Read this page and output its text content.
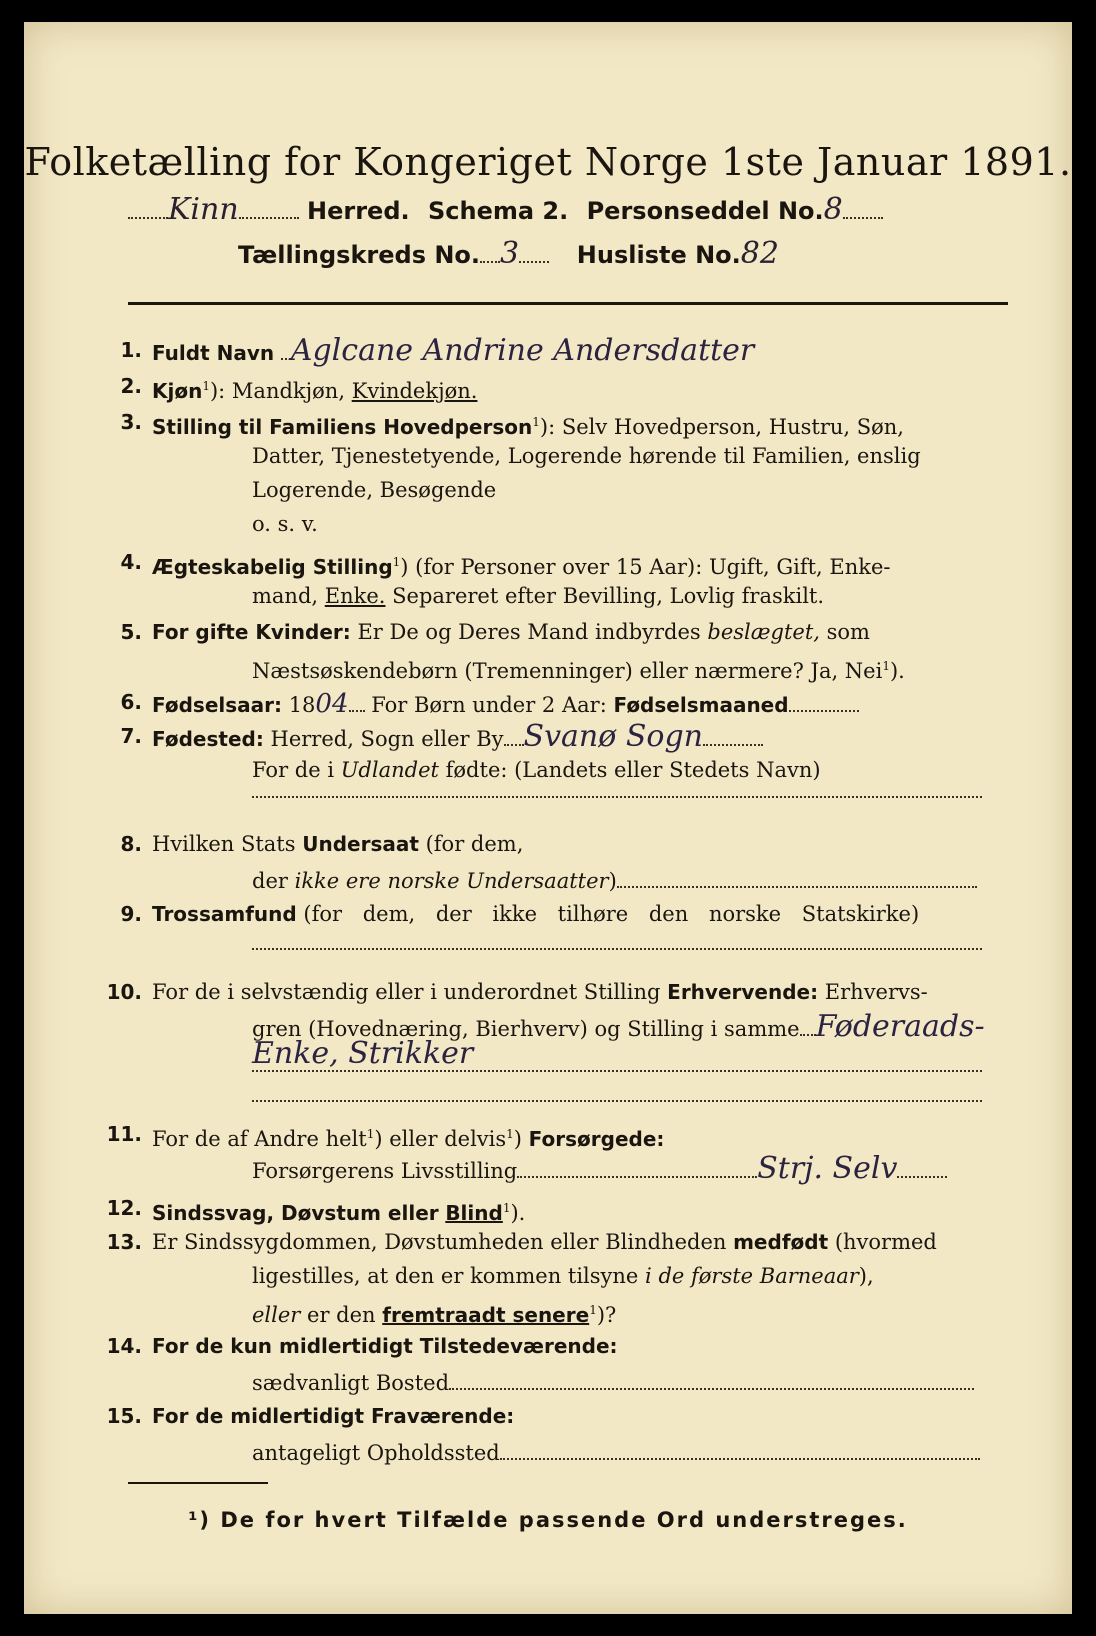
Folketælling for Kongeriget Norge 1ste Januar 1891.
Kinn	Herred. Schema 2. Personseddel No.8
Tællingskreds No. 3 Husliste No.82
1. Fuldt Navn Aglcane Andrine Andersdatter
2. Kjøn$^1$): Mandkjøn, Kvindekjøn.
3. Stilling til Familiens Hovedperson$^1$): Selv Hovedperson, Hustru, Søn,
Datter, Tjenestetyende, Logerende hørende til Familien, enslig
Logerende, Besøgende
o. s. v.
4. Ægteskabelig Stilling$^1$) (for Personer over 15 Aar): Ugift, Gift, Enke-
mand, Enke. Separeret efter Bevilling, Lovlig fraskilt.
5. For gifte Kvinder: Er De og Deres Mand indbyrdes beslægtet, som
Næstsøskendebørn (Tremenninger) eller nærmere? Ja, Nei$^1$).
6. Fødselsaar: 1804 For Børn under 2 Aar: Fødselsmaaned
7. Fødested: Herred, Sogn eller By Svanø Sogn
For de i Udlandet fødte: (Landets eller Stedets Navn)
8. Hvilken Stats Undersaat (for dem,
der ikke ere norske Undersaatter)
9. Trossamfund (for dem, der ikke tilhøre den norske Statskirke)
10. For de i selvstændig eller i underordnet Stilling Erhvervende: Erhvervs-
gren (Hovednæring, Bierhverv) og Stilling i samme Føderaads-
Enke, Strikker
11. For de af Andre helt$^1$) eller delvis$^1$) Forsørgede:
Forsørgerens Livsstilling	Strj. Selv
12. Sindssvag, Døvstum eller Blind$^1$).
13. Er Sindssygdommen, Døvstumheden eller Blindheden medfødt (hvormed
ligestilles, at den er kommen tilsyne i de første Barneaar),
eller er den fremtraadt senere$^1$)?
14. For de kun midlertidigt Tilstedeværende:
sædvanligt Bosted
15. For de midlertidigt Fraværende:
antageligt Opholdssted
¹) De for hvert Tilfælde passende Ord understreges.
